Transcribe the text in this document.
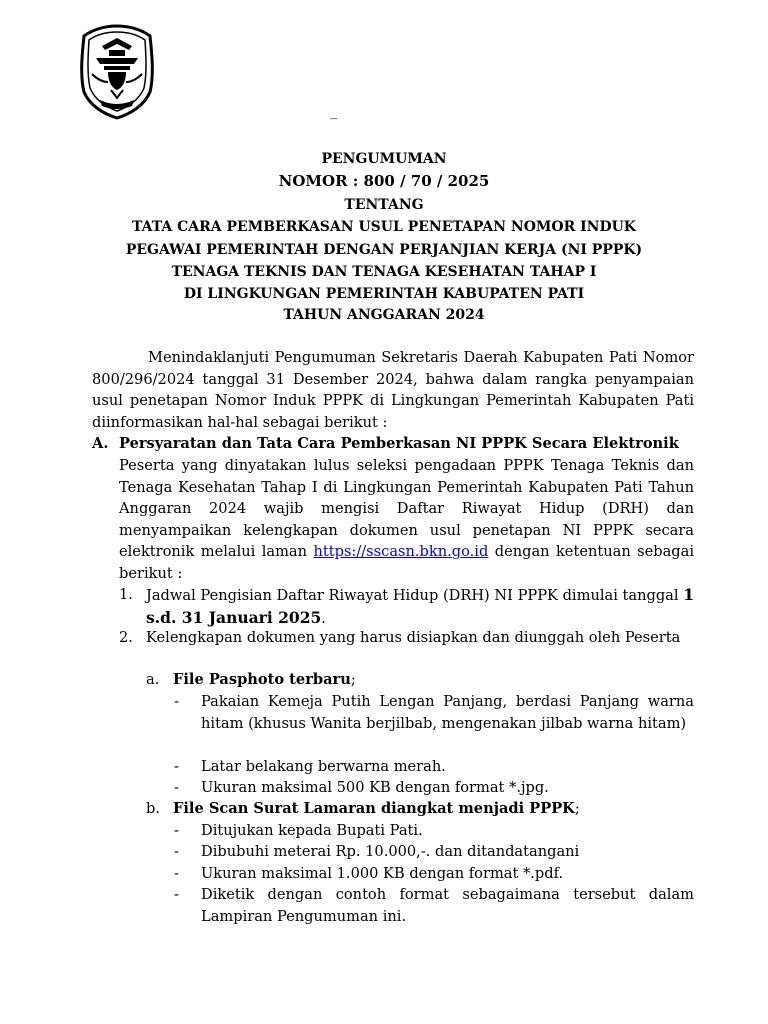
_
PENGUMUMAN
NOMOR : 800 / 70 / 2025
TENTANG
TATA CARA PEMBERKASAN USUL PENETAPAN NOMOR INDUK
PEGAWAI PEMERINTAH DENGAN PERJANJIAN KERJA (NI PPPK)
TENAGA TEKNIS DAN TENAGA KESEHATAN TAHAP I
DI LINGKUNGAN PEMERINTAH KABUPATEN PATI
TAHUN ANGGARAN 2024
Menindaklanjuti Pengumuman Sekretaris Daerah Kabupaten Pati Nomor 800/296/2024 tanggal 31 Desember 2024, bahwa dalam rangka penyampaian usul penetapan Nomor Induk PPPK di Lingkungan Pemerintah Kabupaten Pati diinformasikan hal-hal sebagai berikut :
A. Persyaratan dan Tata Cara Pemberkasan NI PPPK Secara Elektronik
Peserta yang dinyatakan lulus seleksi pengadaan PPPK Tenaga Teknis dan Tenaga Kesehatan Tahap I di Lingkungan Pemerintah Kabupaten Pati Tahun Anggaran 2024 wajib mengisi Daftar Riwayat Hidup (DRH) dan menyampaikan kelengkapan dokumen usul penetapan NI PPPK secara elektronik melalui laman https://sscasn.bkn.go.id dengan ketentuan sebagai berikut :
1. Jadwal Pengisian Daftar Riwayat Hidup (DRH) NI PPPK dimulai tanggal 1 s.d. 31 Januari 2025.
2. Kelengkapan dokumen yang harus disiapkan dan diunggah oleh Peserta
a. File Pasphoto terbaru;
- Pakaian Kemeja Putih Lengan Panjang, berdasi Panjang warna hitam (khusus Wanita berjilbab, mengenakan jilbab warna hitam)
- Latar belakang berwarna merah.
- Ukuran maksimal 500 KB dengan format *.jpg.
b. File Scan Surat Lamaran diangkat menjadi PPPK;
- Ditujukan kepada Bupati Pati.
- Dibubuhi meterai Rp. 10.000,-. dan ditandatangani
- Ukuran maksimal 1.000 KB dengan format *.pdf.
- Diketik dengan contoh format sebagaimana tersebut dalam Lampiran Pengumuman ini.
